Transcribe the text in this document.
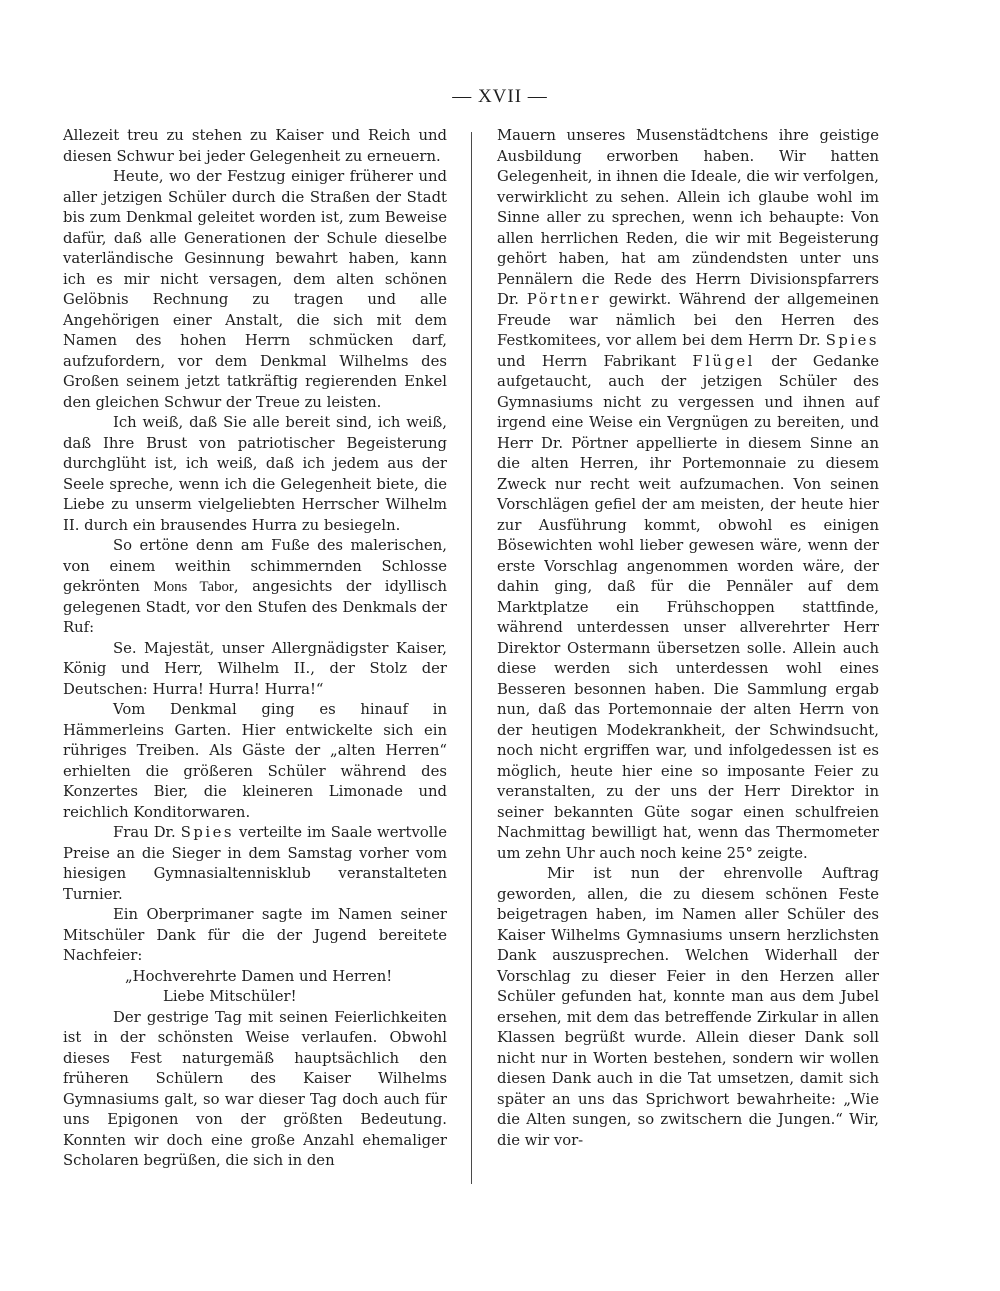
— XVII —

Allezeit treu zu stehen zu Kaiser und Reich und diesen Schwur bei jeder Gelegenheit zu erneuern.

Heute, wo der Festzug einiger früherer und aller jetzigen Schüler durch die Straßen der Stadt bis zum Denkmal geleitet worden ist, zum Beweise dafür, daß alle Generationen der Schule dieselbe vaterländische Gesinnung bewahrt haben, kann ich es mir nicht versagen, dem alten schönen Gelöbnis Rechnung zu tragen und alle Angehörigen einer Anstalt, die sich mit dem Namen des hohen Herrn schmücken darf, aufzufordern, vor dem Denkmal Wilhelms des Großen seinem jetzt tatkräftig regierenden Enkel den gleichen Schwur der Treue zu leisten.

Ich weiß, daß Sie alle bereit sind, ich weiß, daß Ihre Brust von patriotischer Begeisterung durchglüht ist, ich weiß, daß ich jedem aus der Seele spreche, wenn ich die Gelegenheit biete, die Liebe zu unserm vielgeliebten Herrscher Wilhelm II. durch ein brausendes Hurra zu besiegeln.

So ertöne denn am Fuße des malerischen, von einem weithin schimmernden Schlosse gekrönten Mons Tabor, angesichts der idyllisch gelegenen Stadt, vor den Stufen des Denkmals der Ruf:

Se. Majestät, unser Allergnädigster Kaiser, König und Herr, Wilhelm II., der Stolz der Deutschen: Hurra! Hurra! Hurra!“

Vom Denkmal ging es hinauf in Hämmerleins Garten. Hier entwickelte sich ein rühriges Treiben. Als Gäste der „alten Herren“ erhielten die größeren Schüler während des Konzertes Bier, die kleineren Limonade und reichlich Konditorwaren.

Frau Dr. Spies verteilte im Saale wertvolle Preise an die Sieger in dem Samstag vorher vom hiesigen Gymnasialtennisklub veranstalteten Turnier.

Ein Oberprimaner sagte im Namen seiner Mitschüler Dank für die der Jugend bereitete Nachfeier:

„Hochverehrte Damen und Herren!

Liebe Mitschüler!

Der gestrige Tag mit seinen Feierlichkeiten ist in der schönsten Weise verlaufen. Obwohl dieses Fest naturgemäß hauptsächlich den früheren Schülern des Kaiser Wilhelms Gymnasiums galt, so war dieser Tag doch auch für uns Epigonen von der größten Bedeutung. Konnten wir doch eine große Anzahl ehemaliger Scholaren begrüßen, die sich in den

Mauern unseres Musenstädtchens ihre geistige Ausbildung erworben haben. Wir hatten Gelegenheit, in ihnen die Ideale, die wir verfolgen, verwirklicht zu sehen. Allein ich glaube wohl im Sinne aller zu sprechen, wenn ich behaupte: Von allen herrlichen Reden, die wir mit Begeisterung gehört haben, hat am zündendsten unter uns Pennälern die Rede des Herrn Divisionspfarrers Dr. Pörtner gewirkt. Während der allgemeinen Freude war nämlich bei den Herren des Festkomitees, vor allem bei dem Herrn Dr. Spies und Herrn Fabrikant Flügel der Gedanke aufgetaucht, auch der jetzigen Schüler des Gymnasiums nicht zu vergessen und ihnen auf irgend eine Weise ein Vergnügen zu bereiten, und Herr Dr. Pörtner appellierte in diesem Sinne an die alten Herren, ihr Portemonnaie zu diesem Zweck nur recht weit aufzumachen. Von seinen Vorschlägen gefiel der am meisten, der heute hier zur Ausführung kommt, obwohl es einigen Bösewichten wohl lieber gewesen wäre, wenn der erste Vorschlag angenommen worden wäre, der dahin ging, daß für die Pennäler auf dem Marktplatze ein Frühschoppen stattfinde, während unterdessen unser allverehrter Herr Direktor Ostermann übersetzen solle. Allein auch diese werden sich unterdessen wohl eines Besseren besonnen haben. Die Sammlung ergab nun, daß das Portemonnaie der alten Herrn von der heutigen Modekrankheit, der Schwindsucht, noch nicht ergriffen war, und infolgedessen ist es möglich, heute hier eine so imposante Feier zu veranstalten, zu der uns der Herr Direktor in seiner bekannten Güte sogar einen schulfreien Nachmittag bewilligt hat, wenn das Thermometer um zehn Uhr auch noch keine 25° zeigte.

Mir ist nun der ehrenvolle Auftrag geworden, allen, die zu diesem schönen Feste beigetragen haben, im Namen aller Schüler des Kaiser Wilhelms Gymnasiums unsern herzlichsten Dank auszusprechen. Welchen Widerhall der Vorschlag zu dieser Feier in den Herzen aller Schüler gefunden hat, konnte man aus dem Jubel ersehen, mit dem das betreffende Zirkular in allen Klassen begrüßt wurde. Allein dieser Dank soll nicht nur in Worten bestehen, sondern wir wollen diesen Dank auch in die Tat umsetzen, damit sich später an uns das Sprichwort bewahrheite: „Wie die Alten sungen, so zwitschern die Jungen.“ Wir, die wir vor-
